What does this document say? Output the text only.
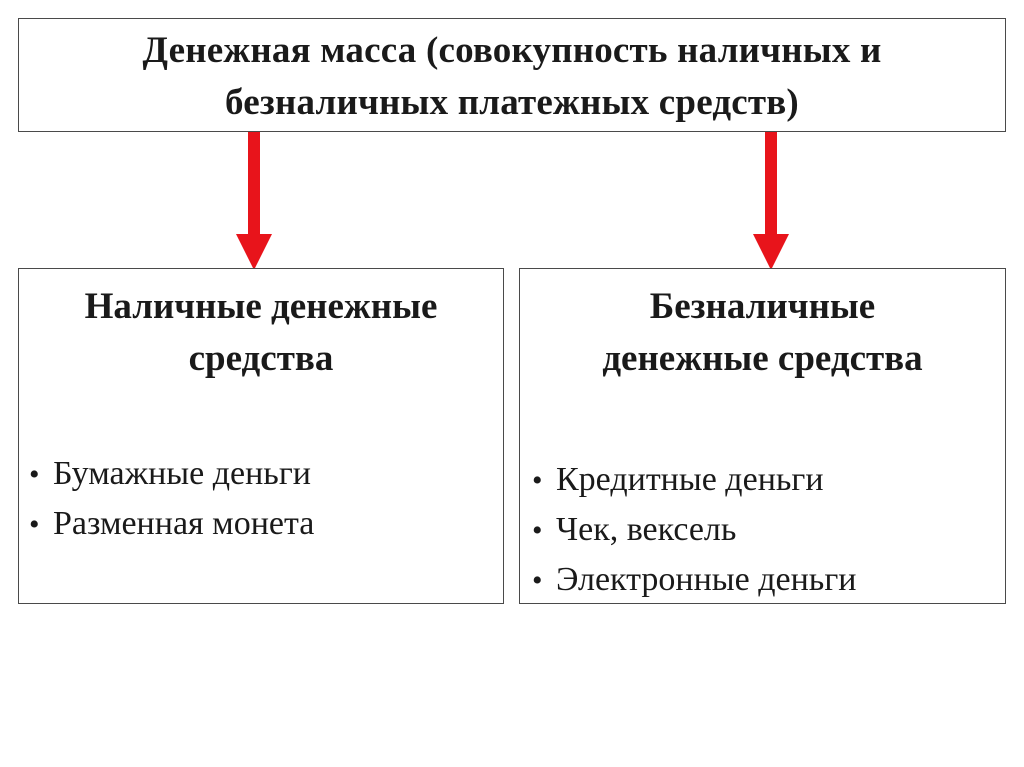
Денежная масса (совокупность наличных и
безналичных платежных средств)
Наличные денежные
средства
• Бумажные деньги
• Разменная монета
Безналичные
денежные средства
• Кредитные деньги
• Чек, вексель
• Электронные деньги
